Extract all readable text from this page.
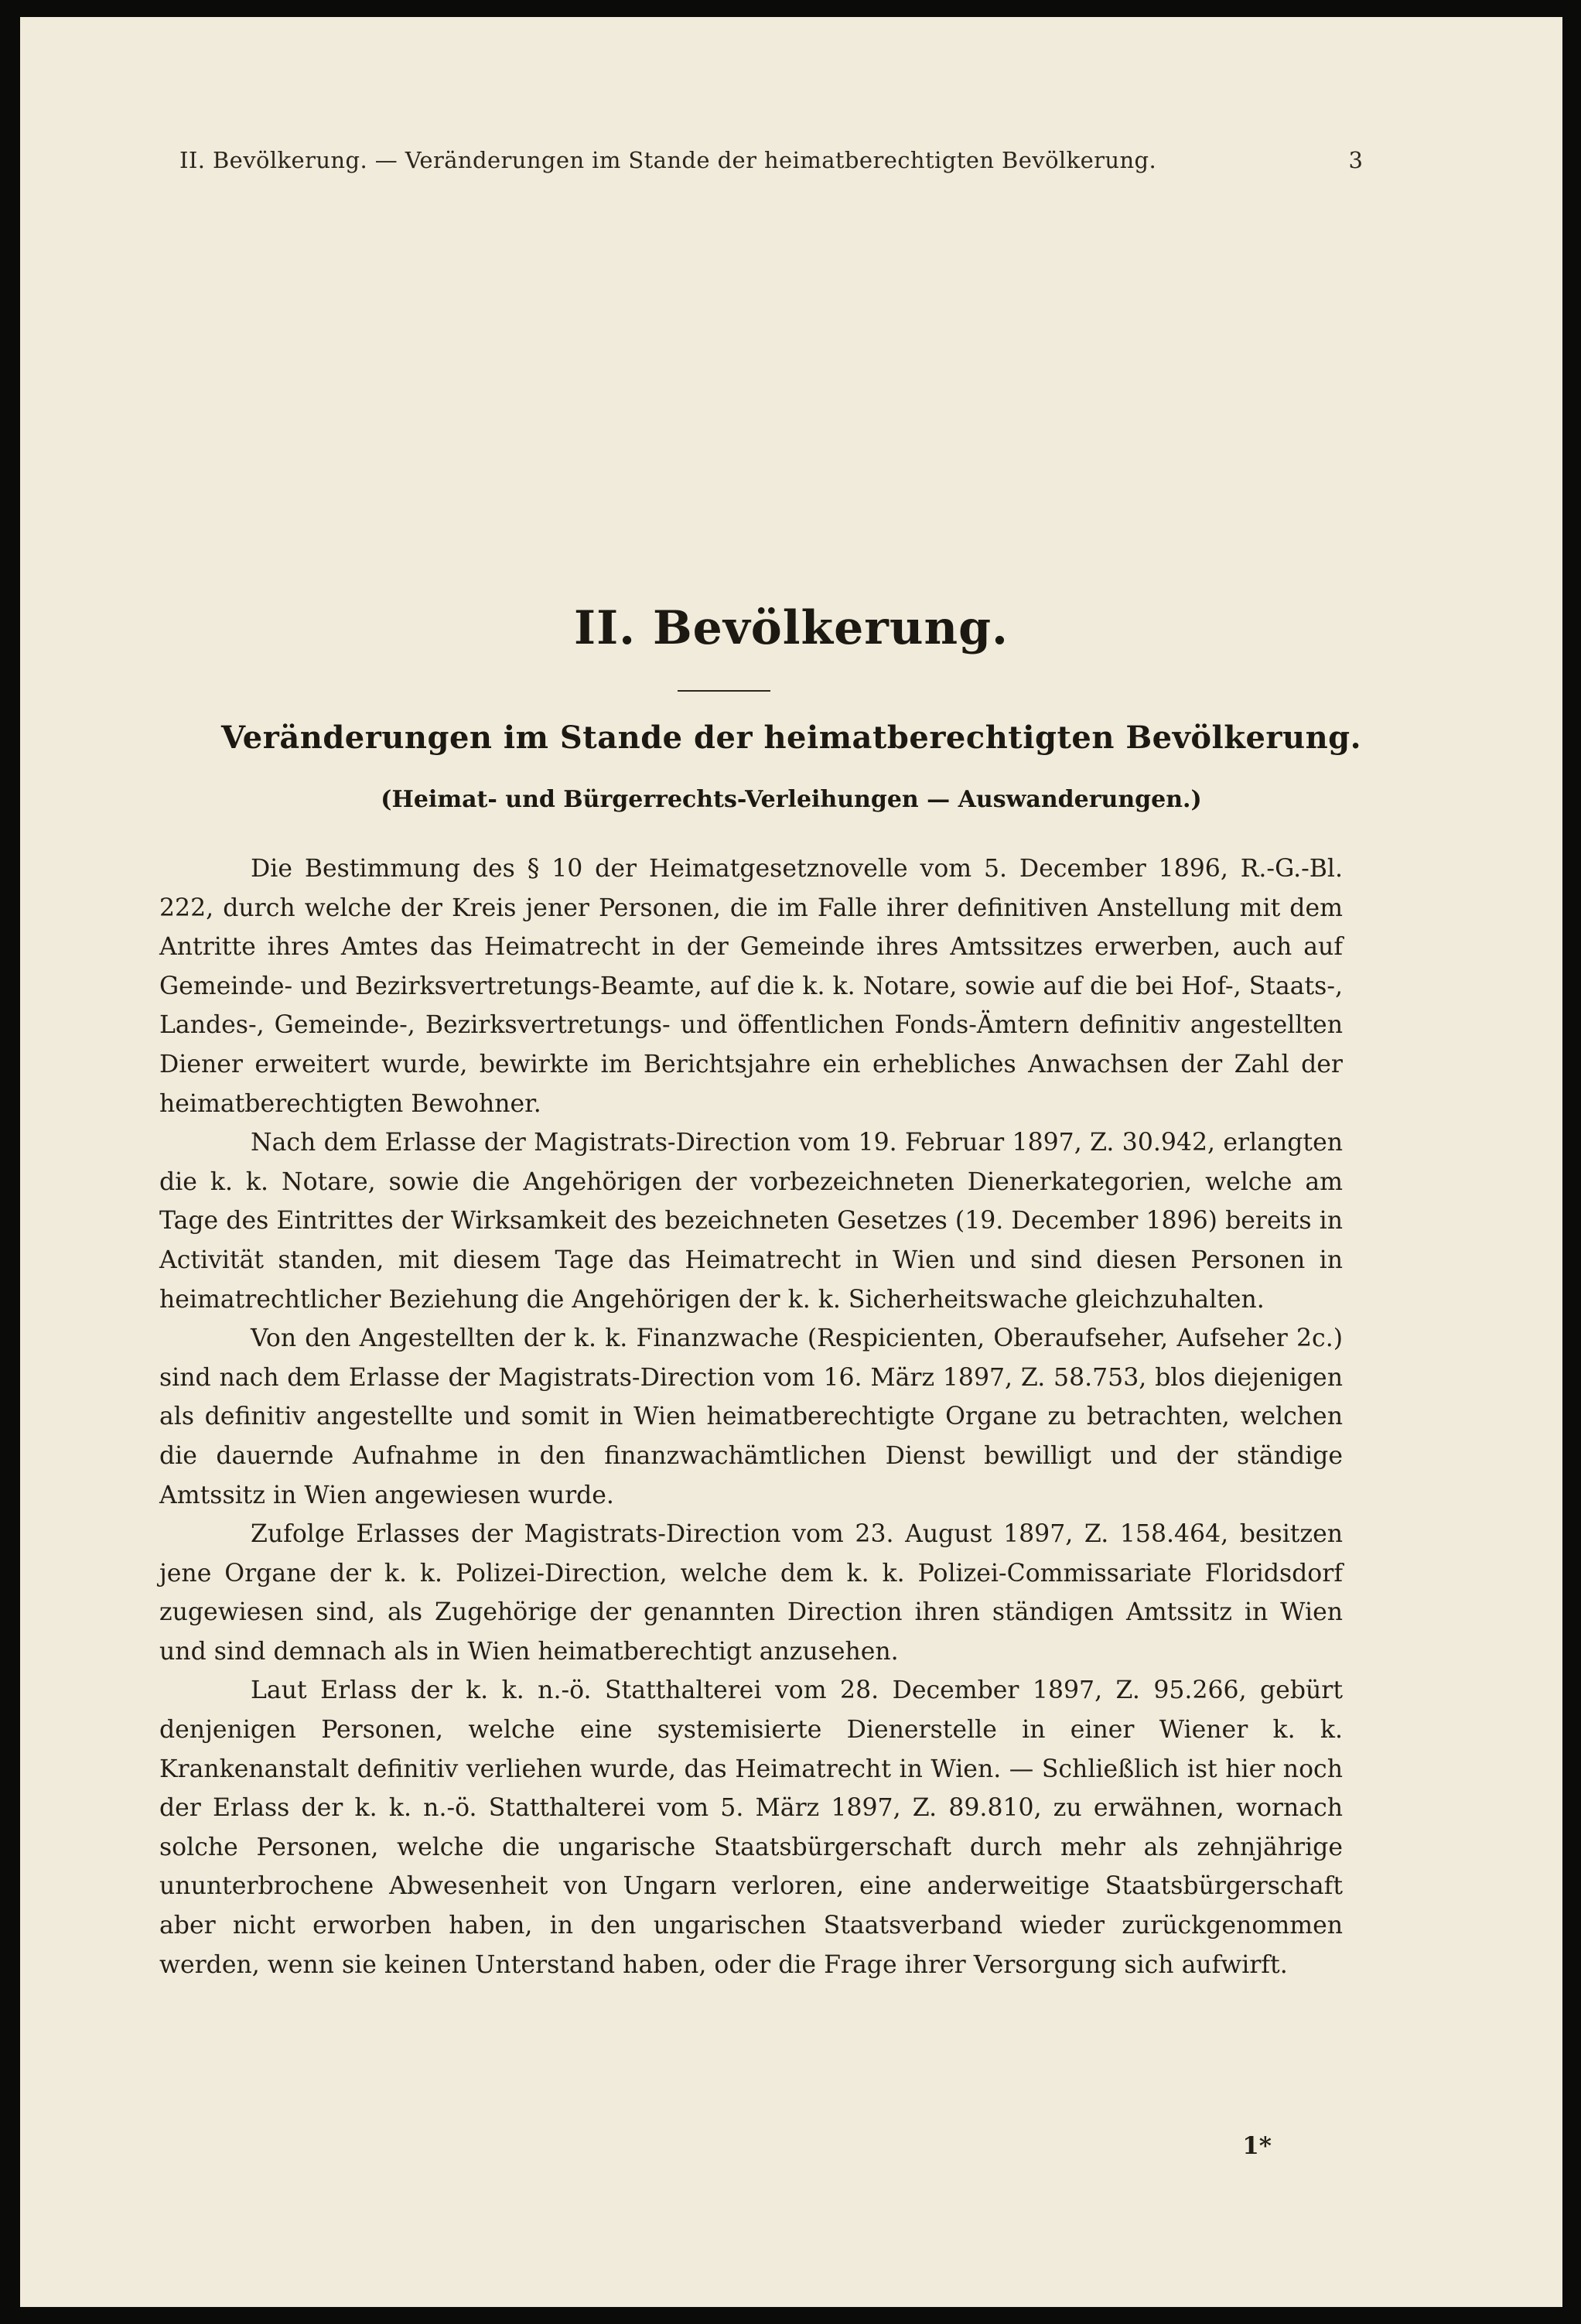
II. Bevölkerung. — Veränderungen im Stande der heimatberechtigten Bevölkerung.	3
II. Bevölkerung.
Veränderungen im Stande der heimatberechtigten Bevölkerung.
(Heimat- und Bürgerrechts-Verleihungen — Auswanderungen.)

Die Bestimmung des § 10 der Heimatgesetznovelle vom 5. December 1896, R.-G.-Bl. 222, durch welche der Kreis jener Personen, die im Falle ihrer definitiven Anstellung mit dem Antritte ihres Amtes das Heimatrecht in der Gemeinde ihres Amtssitzes erwerben, auch auf Gemeinde- und Bezirksvertretungs-Beamte, auf die k. k. Notare, sowie auf die bei Hof-, Staats-, Landes-, Gemeinde-, Bezirksvertretungs- und öffentlichen Fonds-Ämtern definitiv angestellten Diener erweitert wurde, bewirkte im Berichtsjahre ein erhebliches Anwachsen der Zahl der heimatberechtigten Bewohner.

Nach dem Erlasse der Magistrats-Direction vom 19. Februar 1897, Z. 30.942, erlangten die k. k. Notare, sowie die Angehörigen der vorbezeichneten Dienerkategorien, welche am Tage des Eintrittes der Wirksamkeit des bezeichneten Gesetzes (19. December 1896) bereits in Activität standen, mit diesem Tage das Heimatrecht in Wien und sind diesen Personen in heimatrechtlicher Beziehung die Angehörigen der k. k. Sicherheitswache gleichzuhalten.

Von den Angestellten der k. k. Finanzwache (Respicienten, Oberaufseher, Aufseher 2c.) sind nach dem Erlasse der Magistrats-Direction vom 16. März 1897, Z. 58.753, blos diejenigen als definitiv angestellte und somit in Wien heimatberechtigte Organe zu betrachten, welchen die dauernde Aufnahme in den finanzwachämtlichen Dienst bewilligt und der ständige Amtssitz in Wien angewiesen wurde.

Zufolge Erlasses der Magistrats-Direction vom 23. August 1897, Z. 158.464, besitzen jene Organe der k. k. Polizei-Direction, welche dem k. k. Polizei-Commissariate Floridsdorf zugewiesen sind, als Zugehörige der genannten Direction ihren ständigen Amtssitz in Wien und sind demnach als in Wien heimatberechtigt anzusehen.

Laut Erlass der k. k. n.-ö. Statthalterei vom 28. December 1897, Z. 95.266, gebürt denjenigen Personen, welche eine systemisierte Dienerstelle in einer Wiener k. k. Krankenanstalt definitiv verliehen wurde, das Heimatrecht in Wien. — Schließlich ist hier noch der Erlass der k. k. n.-ö. Statthalterei vom 5. März 1897, Z. 89.810, zu erwähnen, wornach solche Personen, welche die ungarische Staatsbürgerschaft durch mehr als zehnjährige ununterbrochene Abwesenheit von Ungarn verloren, eine anderweitige Staatsbürgerschaft aber nicht erworben haben, in den ungarischen Staatsverband wieder zurückgenommen werden, wenn sie keinen Unterstand haben, oder die Frage ihrer Versorgung sich aufwirft.

1*
